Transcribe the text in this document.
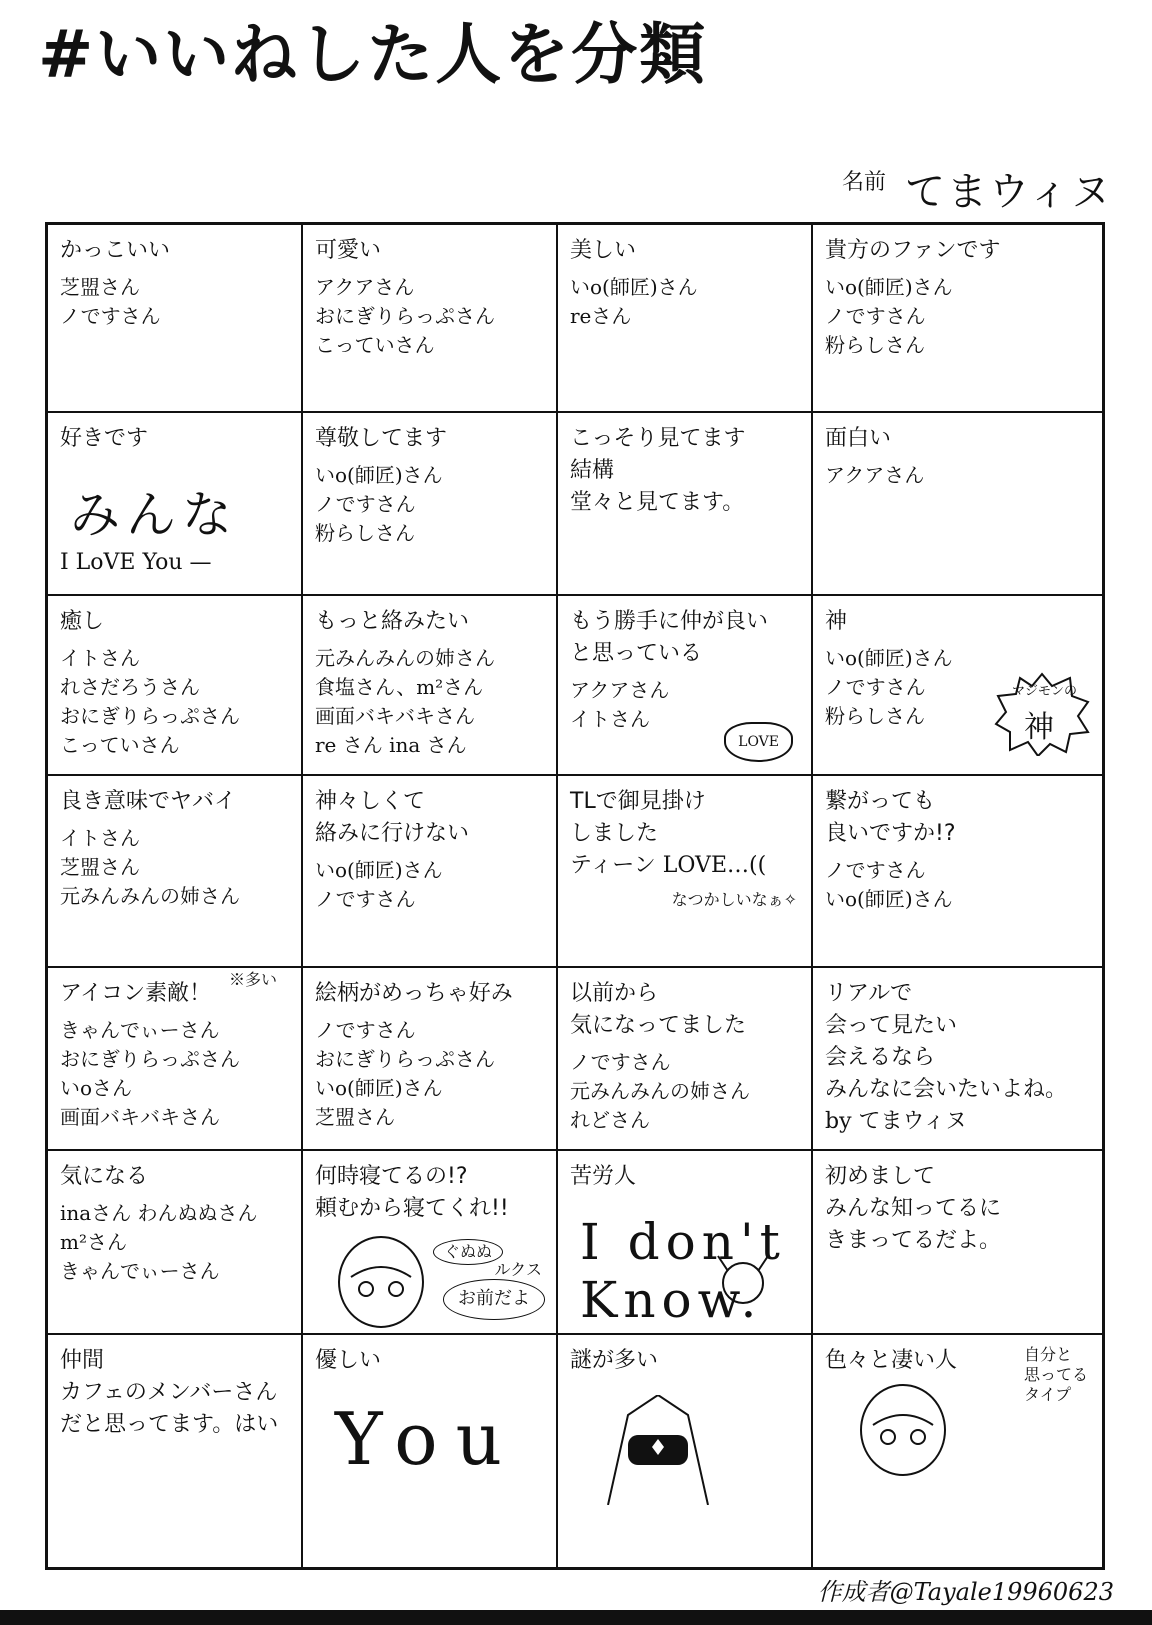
#いいねした人を分類
名前 てまウィヌ
かっこいい
芝盟さん
ノですさん
可愛い
アクアさん
おにぎりらっぷさん
こっていさん
美しい
いo(師匠)さん
reさん
貴方のファンです
いo(師匠)さん
ノですさん
粉らしさん
好きです
みんな
I LoVE You —
尊敬してます
いo(師匠)さん
ノですさん
粉らしさん
こっそり見てます
結構
堂々と見てます。
面白い
アクアさん
癒し
イトさん
れさだろうさん
おにぎりらっぷさん
こっていさん
もっと絡みたい
元みんみんの姉さん
食塩さん、m²さん
画面バキバキさん
re さん ina さん
もう勝手に仲が良い
と思っている
アクアさん
イトさん
LOVE
神
いo(師匠)さん
ノですさん
粉らしさん
マジモンの
神
良き意味でヤバイ
イトさん
芝盟さん
元みんみんの姉さん
神々しくて
絡みに行けない
いo(師匠)さん
ノですさん
TLで御見掛け
しました
ティーン LOVE…((
なつかしいなぁ✧
繋がっても
良いですか!?
ノですさん
いo(師匠)さん
アイコン素敵！
きゃんでぃーさん
おにぎりらっぷさん
いoさん
画面バキバキさん
※多い
絵柄がめっちゃ好み
ノですさん
おにぎりらっぷさん
いo(師匠)さん
芝盟さん
以前から
気になってました
ノですさん
元みんみんの姉さん
れどさん
リアルで
会って見たい
会えるなら
みんなに会いたいよね。
by てまウィヌ
気になる
inaさん わんぬぬさん
m²さん
きゃんでぃーさん
何時寝てるの!?
頼むから寝てくれ!!
ルクス
ぐぬぬ
お前だよ
苦労人
I don't Know.
初めまして
みんな知ってるに
きまってるだよ。
仲間
カフェのメンバーさん
だと思ってます。はい
優しい
You
謎が多い	色々と凄い人	自分と
思ってる
タイプ
作成者@Tayale19960623
